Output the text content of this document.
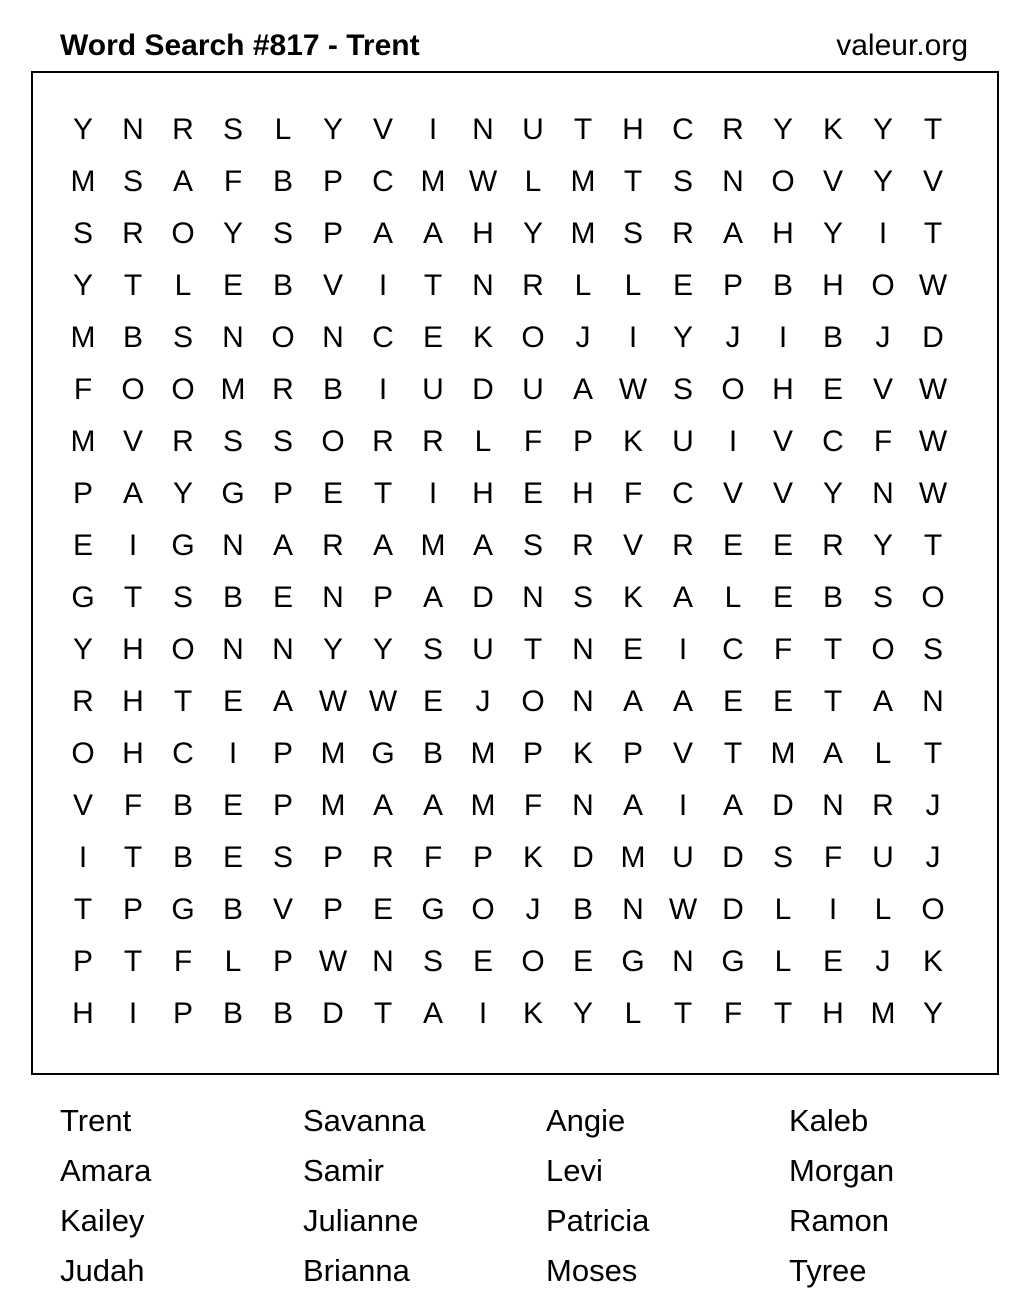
Word Search #817 - Trent	valeur.org
Y N R S	L	Y V	I	N U	T	H C R Y K Y	T
M S A	F	B P C M W L M T	S N O V Y V
S R O Y S P A A H Y M S R A H Y	I	T
Y	T	L	E B V	I	T	N R	L	L	E P B H O W
M B S N O N C E K O	J	I	Y	J	I	B	J	D
F O O M R B	I	U D U A W S O H E V W
M V R S S O R R	L	F	P K U	I	V C	F W
P A Y G P E	T	I	H E H	F	C V V Y N W
E	I	G N A R A M A S R V R E E R Y	T
G T	S B E N P A D N S K A	L	E B S O
Y H O N N Y Y S U	T	N E	I	C	F	T O S
R H	T	E A W W E	J	O N A A E E	T	A N
O H C	I	P M G B M P K P V	T M A	L	T
V	F	B E P M A A M F	N A	I	A D N R	J
I	T	B E S P R	F	P K D M U D S	F	U	J
T	P G B V P E G O	J	B N W D	L	I	L O
P	T	F	L	P W N S E O E G N G L	E	J	K
H	I	P B B D	T	A	I	K Y	L	T	F	T	H M Y
Trent	Savanna	Angie	Kaleb
Amara	Samir	Levi	Morgan
Kailey	Julianne	Patricia	Ramon
Judah	Brianna	Moses	Tyree
